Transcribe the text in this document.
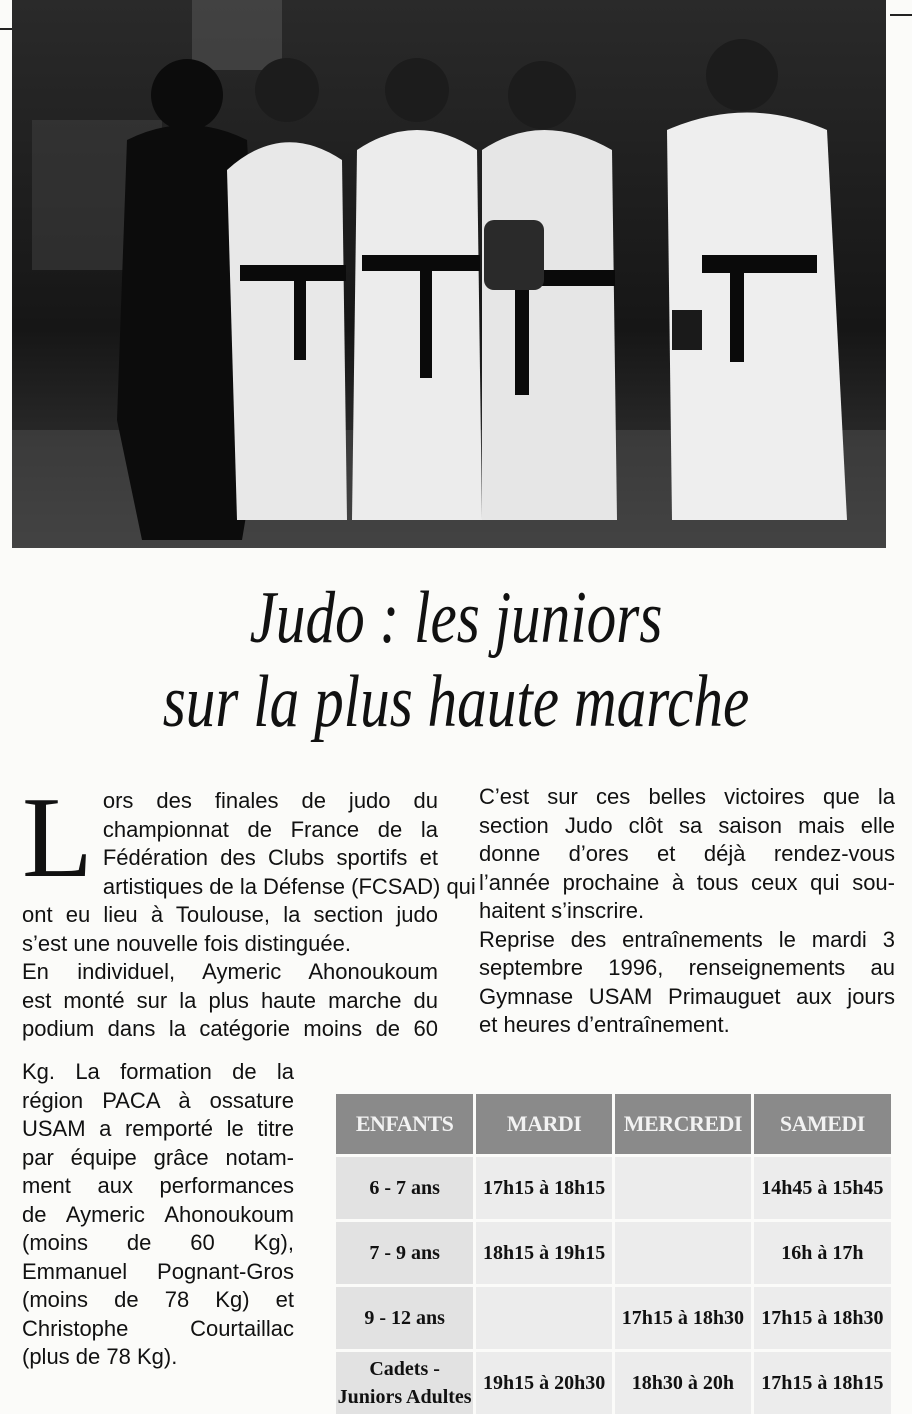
Judo : les juniors
sur la plus haute marche
L ors des finales de judo du
championnat de France de la
Fédération des Clubs sportifs et
artistiques de la Défense (FCSAD) qui
ont eu lieu à Toulouse, la section judo
s’est une nouvelle fois distinguée.
En individuel, Aymeric Ahonoukoum
est monté sur la plus haute marche du
podium dans la catégorie moins de 60
Kg. La formation de la
région PACA à ossature
USAM a remporté le titre
par équipe grâce notam-
ment aux performances
de Aymeric Ahonoukoum
(moins de 60 Kg),
Emmanuel Pognant-Gros
(moins de 78 Kg) et
Christophe Courtaillac
(plus de 78 Kg).
C’est sur ces belles victoires que la
section Judo clôt sa saison mais elle
donne d’ores et déjà rendez-vous
l’année prochaine à tous ceux qui sou-
haitent s’inscrire.
Reprise des entraînements le mardi 3
septembre 1996, renseignements au
Gymnase USAM Primauguet aux jours
et heures d’entraînement.
ENFANTS	MARDI	MERCREDI	SAMEDI
6 - 7 ans	17h15 à 18h15		14h45 à 15h45
7 - 9 ans	18h15 à 19h15		16h à 17h
9 - 12 ans		17h15 à 18h30	17h15 à 18h30
Cadets - Juniors Adultes	19h15 à 20h30	18h30 à 20h	17h15 à 18h15
